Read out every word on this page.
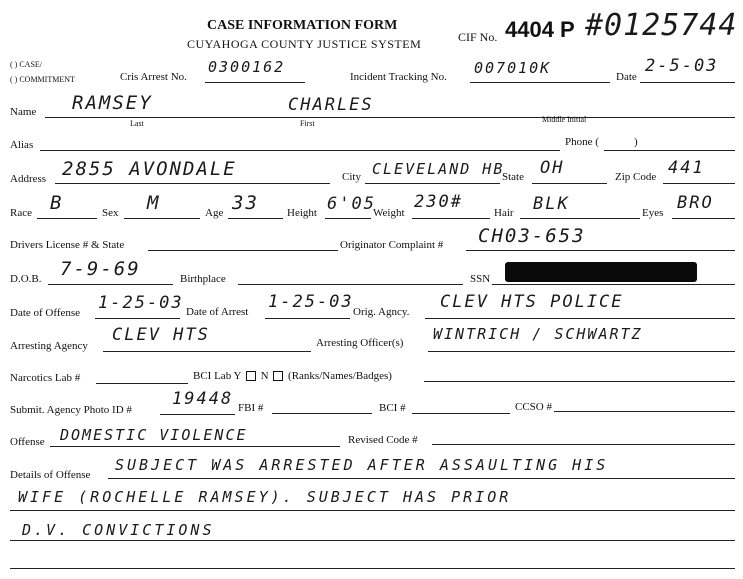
CASE INFORMATION FORM
CUYAHOGA COUNTY JUSTICE SYSTEM	CIF No. 4404 P #0125744
( ) CASE/
( ) COMMITMENT	Cris Arrest No.
0300162
Incident Tracking No. 007010K	Date
2-5-03
Name RAMSEY	CHARLES
Last	First	Middle Initial
Alias	Phone (	)
Address 2855 AVONDALE	City CLEVELAND HB
State OH	Zip Code 441
Race B	Sex M	Age 33	Height 6'05
Weight
230#
Hair BLK	Eyes BRO
Drivers License # & State	Originator Complaint # CH03-653
D.O.B. 7-9-69	Birthplace	SSN
Date of Offense 1-25-03 Date of Arrest 1-25-03 Orig. Agncy. CLEV HTS POLICE
Arresting Agency
CLEV HTS	Arresting Officer(s) WINTRICH / SCHWARTZ
Narcotics Lab #	BCI Lab Y N (Ranks/Names/Badges)
Submit. Agency Photo ID #
19448 FBI #	BCI #	CCSO #
Offense DOMESTIC VIOLENCE	Revised Code #
Details of Offense
SUBJECT WAS ARRESTED AFTER ASSAULTING HIS
WIFE (ROCHELLE RAMSEY). SUBJECT HAS PRIOR
D.V. CONVICTIONS
